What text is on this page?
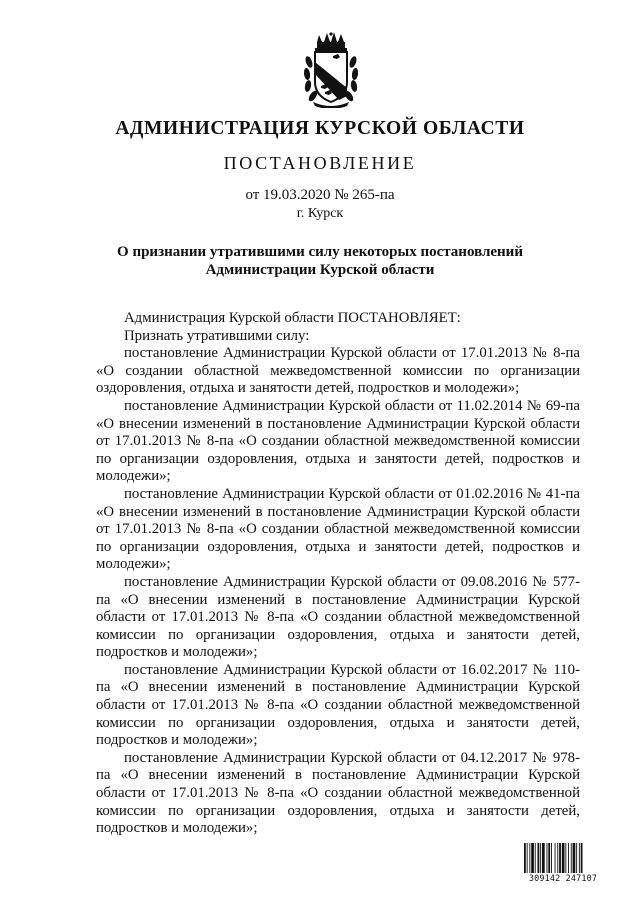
АДМИНИСТРАЦИЯ КУРСКОЙ ОБЛАСТИ
ПОСТАНОВЛЕНИЕ
от 19.03.2020 № 265-па
г. Курск
О признании утратившими силу некоторых постановлений
Администрации Курской области

Администрация Курской области ПОСТАНОВЛЯЕТ:

Признать утратившими силу:

постановление Администрации Курской области от 17.01.2013 № 8-па «О создании областной межведомственной комиссии по организации оздоровления, отдыха и занятости детей, подростков и молодежи»;

постановление Администрации Курской области от 11.02.2014 № 69-па «О внесении изменений в постановление Администрации Курской области от 17.01.2013 № 8-па «О создании областной межведомственной комиссии по организации оздоровления, отдыха и занятости детей, подростков и молодежи»;

постановление Администрации Курской области от 01.02.2016 № 41-па «О внесении изменений в постановление Администрации Курской области от 17.01.2013 № 8-па «О создании областной межведомственной комиссии по организации оздоровления, отдыха и занятости детей, подростков и молодежи»;

постановление Администрации Курской области от 09.08.2016 № 577-па «О внесении изменений в постановление Администрации Курской области от 17.01.2013 № 8-па «О создании областной межведомственной комиссии по организации оздоровления, отдыха и занятости детей, подростков и молодежи»;

постановление Администрации Курской области от 16.02.2017 № 110-па «О внесении изменений в постановление Администрации Курской области от 17.01.2013 № 8-па «О создании областной межведомственной комиссии по организации оздоровления, отдыха и занятости детей, подростков и молодежи»;

постановление Администрации Курской области от 04.12.2017 № 978-па «О внесении изменений в постановление Администрации Курской области от 17.01.2013 № 8-па «О создании областной межведомственной комиссии по организации оздоровления, отдыха и занятости детей, подростков и молодежи»;

309142 247107
